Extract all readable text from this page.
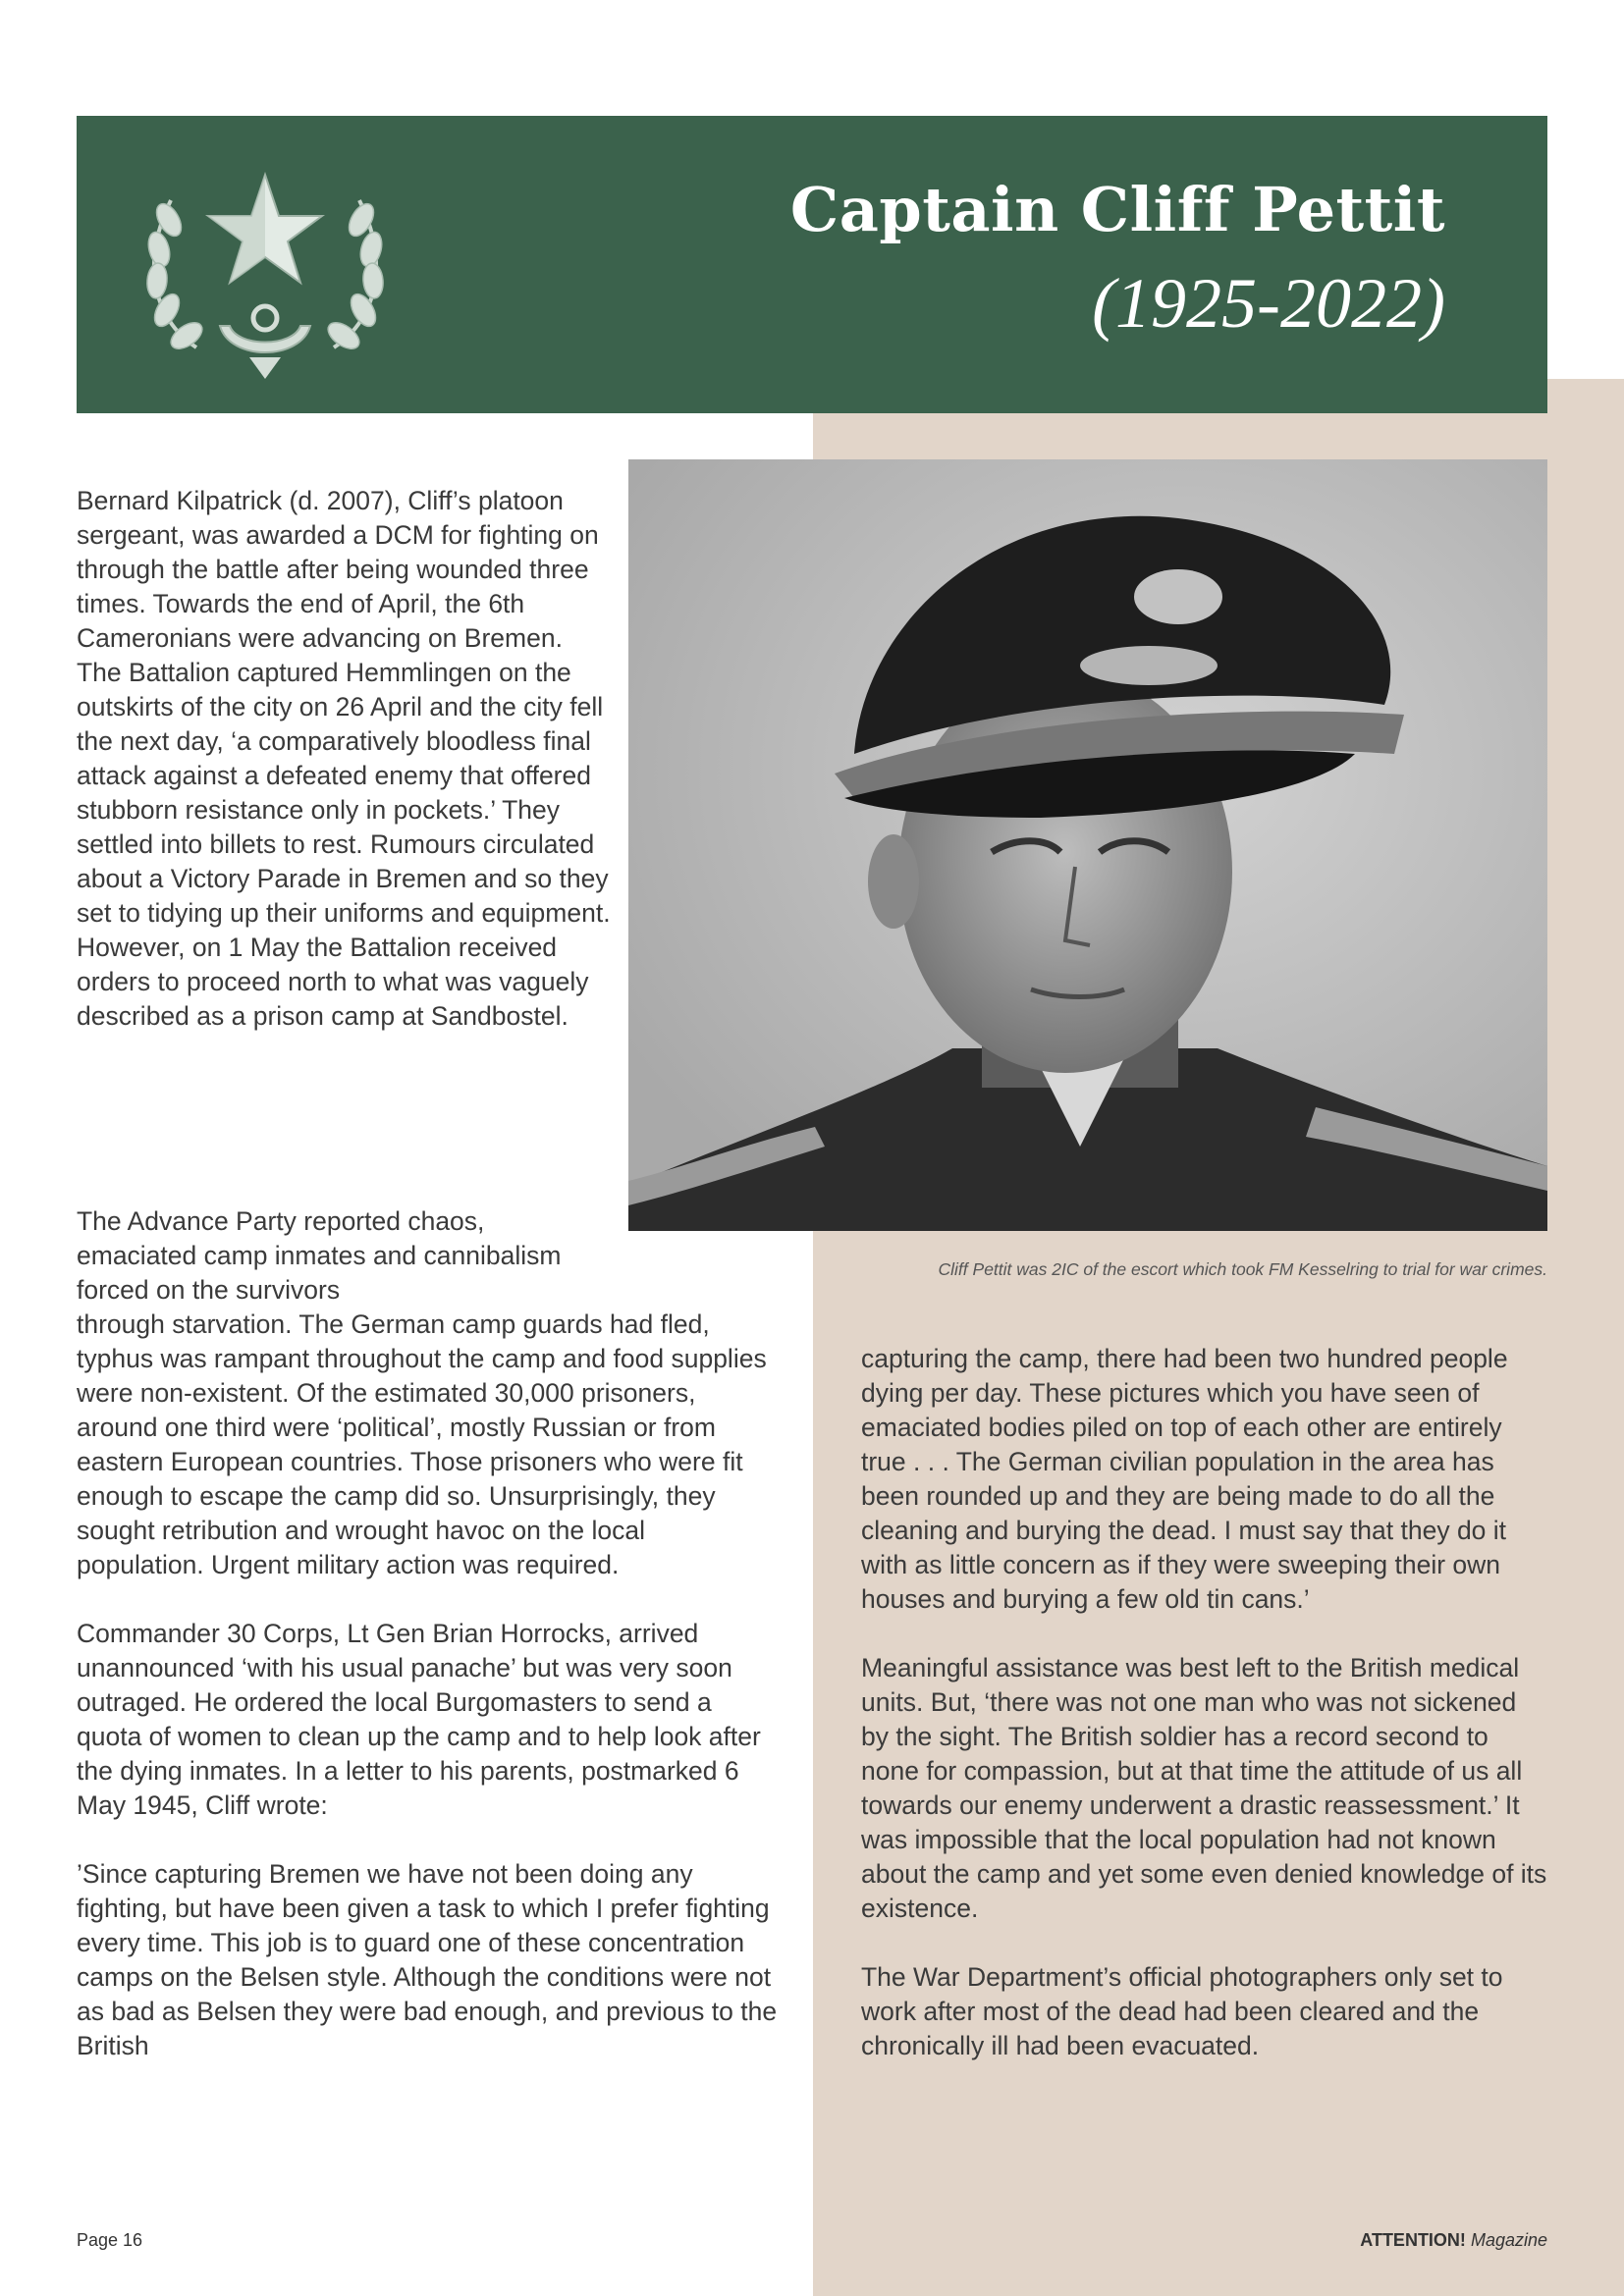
Captain Cliff Pettit
(1925-2022)

Cliff Pettit was 2IC of the escort which took FM Kesselring to trial for war crimes.

Bernard Kilpatrick (d. 2007), Cliff’s platoon sergeant, was awarded a DCM for fighting on through the battle after being wounded three times. Towards the end of April, the 6th Cameronians were advancing on Bremen. The Battalion captured Hemmlingen on the outskirts of the city on 26 April and the city fell the next day, ‘a comparatively bloodless final attack against a defeated enemy that offered stubborn resistance only in pockets.’ They settled into billets to rest. Rumours circulated about a Victory Parade in Bremen and so they set to tidying up their uniforms and equipment. However, on 1 May the Battalion received orders to proceed north to what was vaguely described as a prison camp at Sandbostel.
The Advance Party reported chaos, emaciated camp inmates and cannibalism forced on the survivors

through starvation. The German camp guards had fled, typhus was rampant throughout the camp and food supplies were non-existent. Of the estimated 30,000 prisoners, around one third were ‘political’, mostly Russian or from eastern European countries. Those prisoners who were fit enough to escape the camp did so. Unsurprisingly, they sought retribution and wrought havoc on the local population. Urgent military action was required.

Commander 30 Corps, Lt Gen Brian Horrocks, arrived unannounced ‘with his usual panache’ but was very soon outraged. He ordered the local Burgomasters to send a quota of women to clean up the camp and to help look after the dying inmates. In a letter to his parents, postmarked 6 May 1945, Cliff wrote:

’Since capturing Bremen we have not been doing any fighting, but have been given a task to which I prefer fighting every time. This job is to guard one of these concentration camps on the Belsen style. Although the conditions were not as bad as Belsen they were bad enough, and previous to the British

capturing the camp, there had been two hundred people dying per day. These pictures which you have seen of emaciated bodies piled on top of each other are entirely true . . . The German civilian population in the area has been rounded up and they are being made to do all the cleaning and burying the dead. I must say that they do it with as little concern as if they were sweeping their own houses and burying a few old tin cans.’

Meaningful assistance was best left to the British medical units. But, ‘there was not one man who was not sickened by the sight. The British soldier has a record second to none for compassion, but at that time the attitude of us all towards our enemy underwent a drastic reassessment.’ It was impossible that the local population had not known about the camp and yet some even denied knowledge of its existence.

The War Department’s official photographers only set to work after most of the dead had been cleared and the chronically ill had been evacuated.

Page 16	ATTENTION! Magazine
